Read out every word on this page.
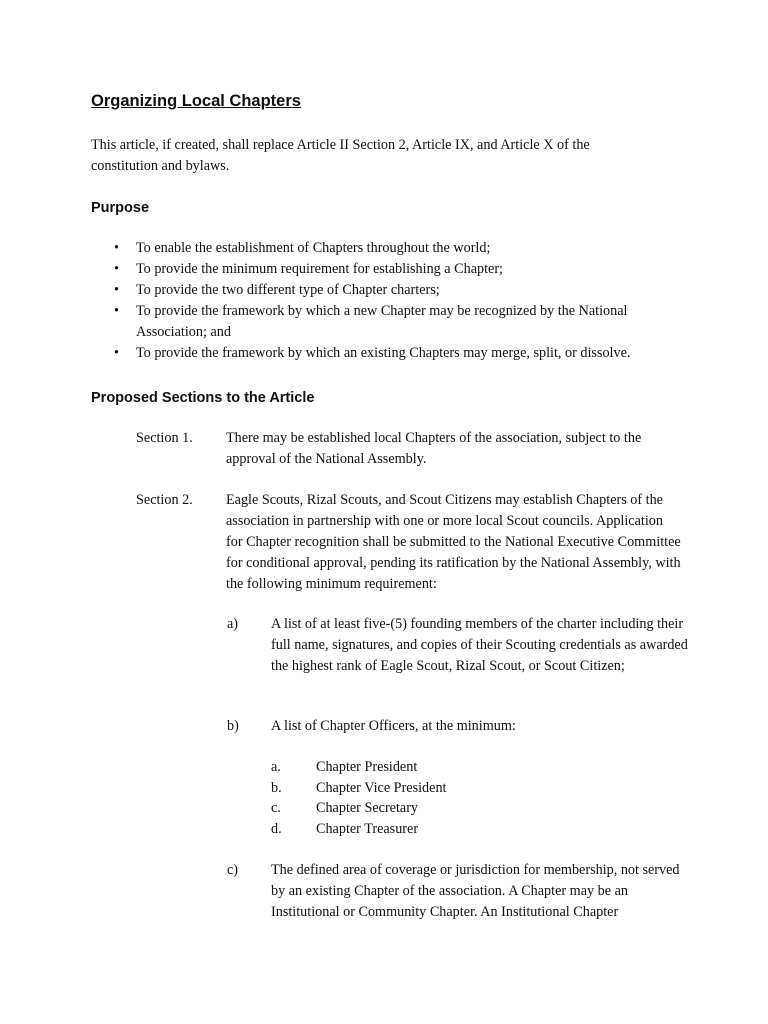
Organizing Local Chapters

This article, if created, shall replace Article II Section 2, Article IX, and Article X of the constitution and bylaws.

Purpose
• To enable the establishment of Chapters throughout the world;
• To provide the minimum requirement for establishing a Chapter;
• To provide the two different type of Chapter charters;
• To provide the framework by which a new Chapter may be recognized by the National Association; and
• To provide the framework by which an existing Chapters may merge, split, or dissolve.
Proposed Sections to the Article
Section 1. There may be established local Chapters of the association, subject to the approval of the National Assembly.
Section 2. Eagle Scouts, Rizal Scouts, and Scout Citizens may establish Chapters of the association in partnership with one or more local Scout councils. Application for Chapter recognition shall be submitted to the National Executive Committee for conditional approval, pending its ratification by the National Assembly, with the following minimum requirement:
a) A list of at least five-(5) founding members of the charter including their full name, signatures, and copies of their Scouting credentials as awarded the highest rank of Eagle Scout, Rizal Scout, or Scout Citizen;
b) A list of Chapter Officers, at the minimum:
a. Chapter President
b. Chapter Vice President
c. Chapter Secretary
d. Chapter Treasurer
c) The defined area of coverage or jurisdiction for membership, not served by an existing Chapter of the association. A Chapter may be an Institutional or Community Chapter. An Institutional Chapter
